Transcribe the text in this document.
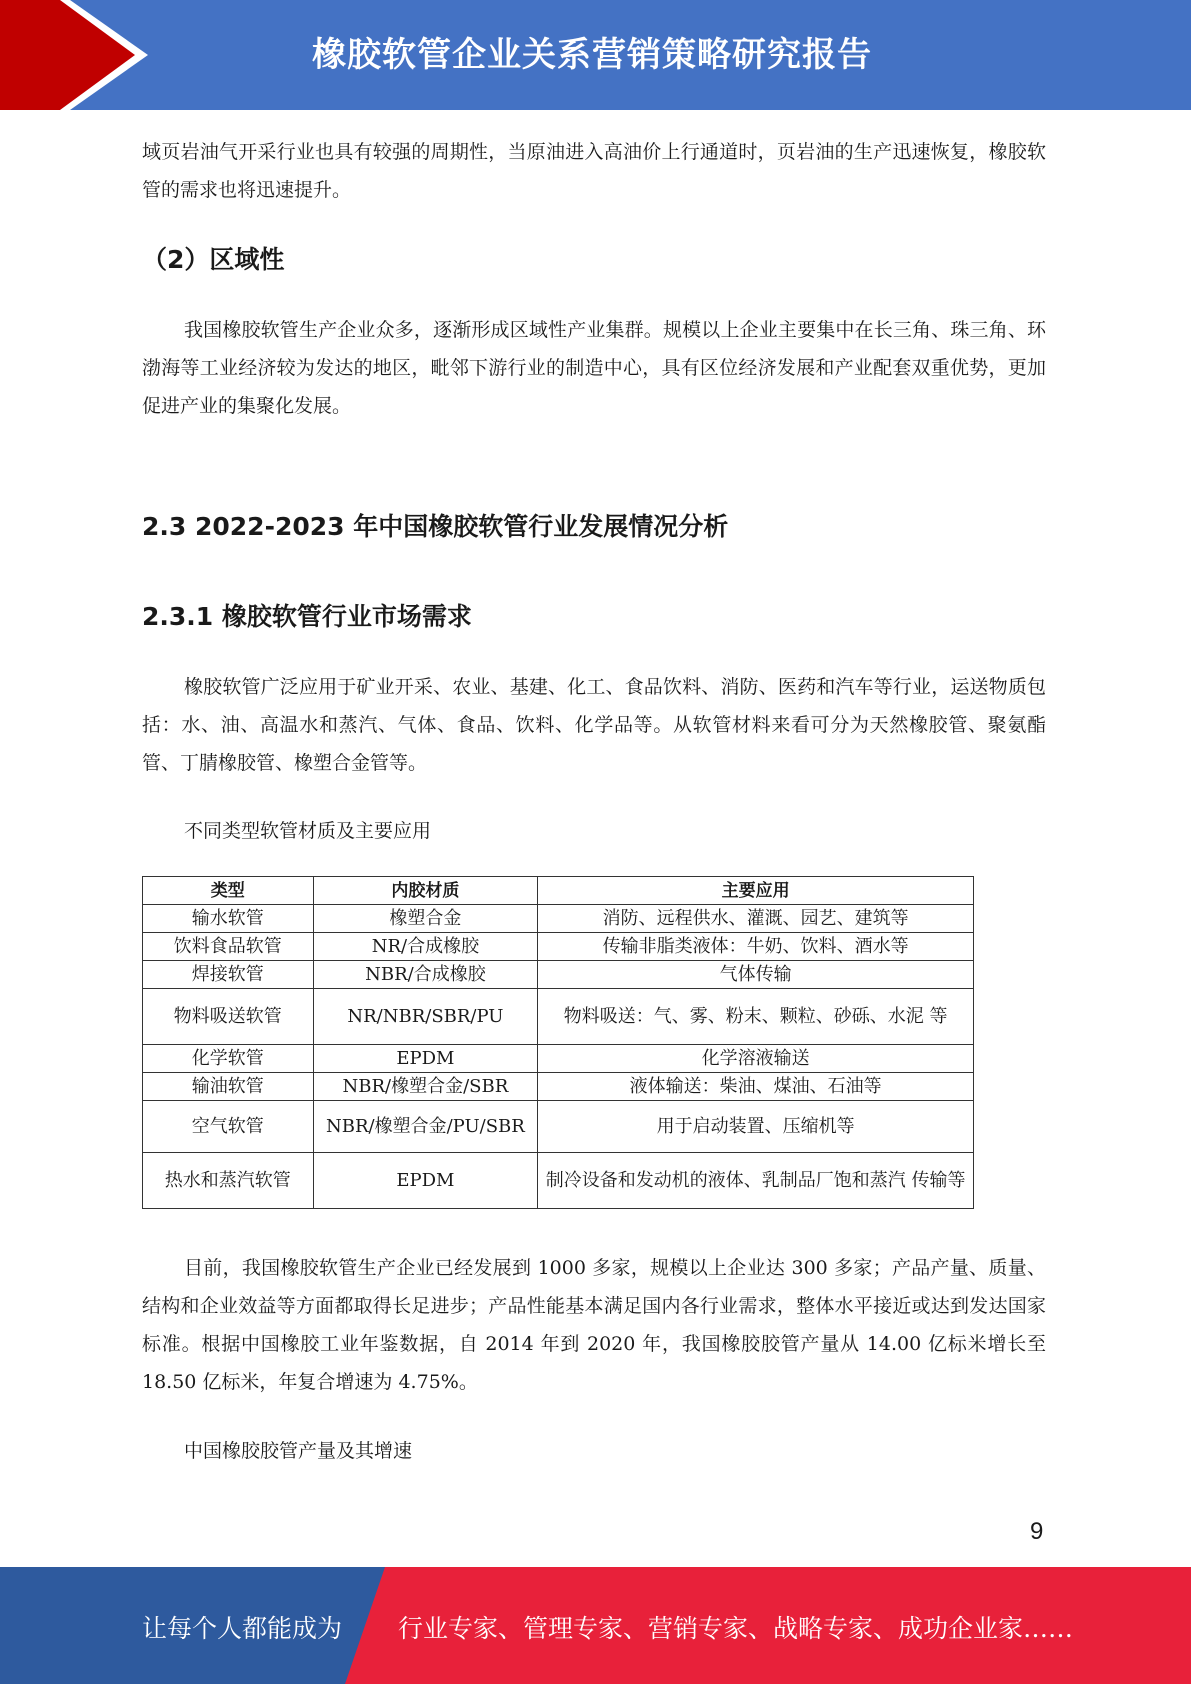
橡胶软管企业关系营销策略研究报告

域页岩油气开采行业也具有较强的周期性，当原油进入高油价上行通道时，页岩油的生产迅速恢复，橡胶软管的需求也将迅速提升。

（2）区域性

我国橡胶软管生产企业众多，逐渐形成区域性产业集群。规模以上企业主要集中在长三角、珠三角、环渤海等工业经济较为发达的地区，毗邻下游行业的制造中心，具有区位经济发展和产业配套双重优势，更加促进产业的集聚化发展。

2.3 2022-2023 年中国橡胶软管行业发展情况分析
2.3.1 橡胶软管行业市场需求

橡胶软管广泛应用于矿业开采、农业、基建、化工、食品饮料、消防、医药和汽车等行业，运送物质包括：水、油、高温水和蒸汽、气体、食品、饮料、化学品等。从软管材料来看可分为天然橡胶管、聚氨酯管、丁腈橡胶管、橡塑合金管等。

不同类型软管材质及主要应用
类型	内胶材质	主要应用
输水软管	橡塑合金	消防、远程供水、灌溉、园艺、建筑等
饮料食品软管	NR/合成橡胶	传输非脂类液体：牛奶、饮料、酒水等
焊接软管	NBR/合成橡胶	气体传输
物料吸送软管	NR/NBR/SBR/PU	物料吸送：气、雾、粉末、颗粒、砂砾、水泥 等
化学软管	EPDM	化学溶液输送
输油软管	NBR/橡塑合金/SBR	液体输送：柴油、煤油、石油等
空气软管	NBR/橡塑合金/PU/SBR	用于启动装置、压缩机等
热水和蒸汽软管	EPDM	制冷设备和发动机的液体、乳制品厂饱和蒸汽 传输等

目前，我国橡胶软管生产企业已经发展到 1000 多家，规模以上企业达 300 多家；产品产量、质量、结构和企业效益等方面都取得长足进步；产品性能基本满足国内各行业需求，整体水平接近或达到发达国家标准。根据中国橡胶工业年鉴数据，自 2014 年到 2020 年，我国橡胶胶管产量从 14.00 亿标米增长至 18.50 亿标米，年复合增速为 4.75%。

中国橡胶胶管产量及其增速
9
让每个人都能成为 行业专家、管理专家、营销专家、战略专家、成功企业家……
